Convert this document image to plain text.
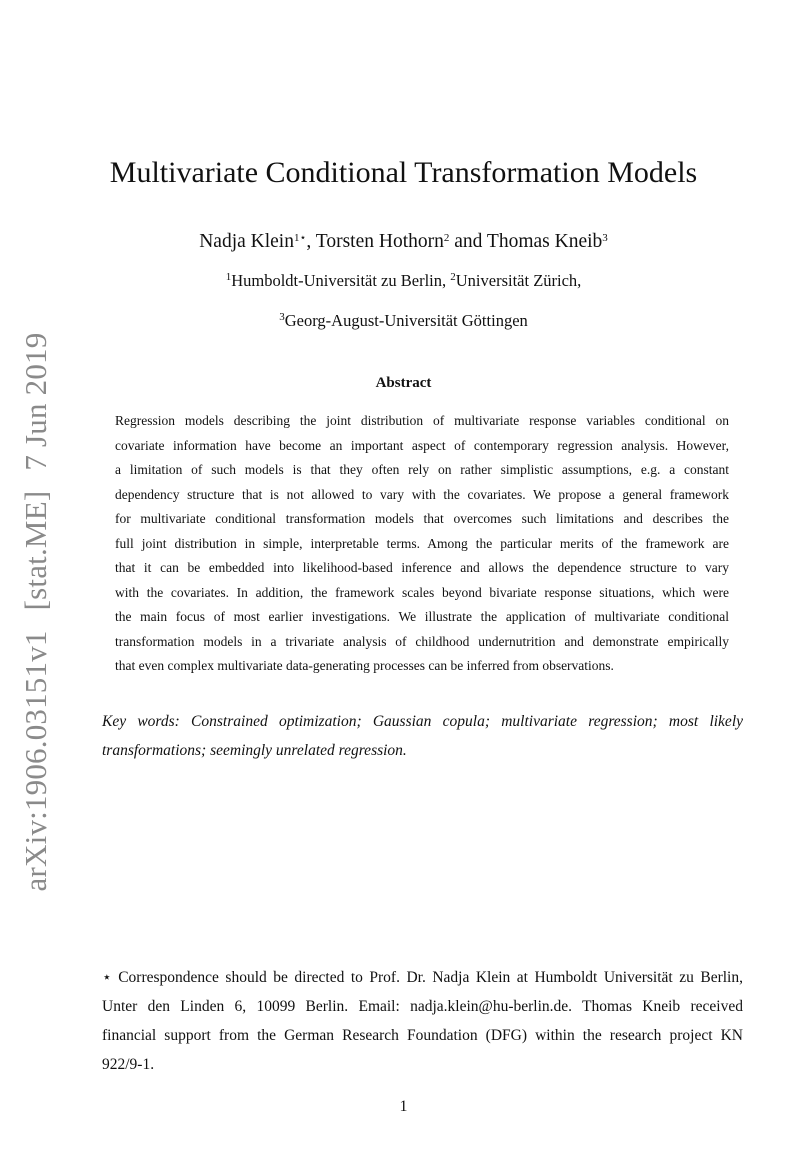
arXiv:1906.03151v1[stat.ME]7 Jun 2019
Multivariate Conditional Transformation Models
Nadja Klein$^{1⋆}$, Torsten Hothorn$^2$ and Thomas Kneib$^3$
$^1$Humboldt-Universität zu Berlin, $^2$Universität Zürich,
$^3$Georg-August-Universität Göttingen
Abstract
Regression models describing the joint distribution of multivariate response variables conditional on
covariate information have become an important aspect of contemporary regression analysis. However,
a limitation of such models is that they often rely on rather simplistic assumptions, e.g. a constant
dependency structure that is not allowed to vary with the covariates. We propose a general framework
for multivariate conditional transformation models that overcomes such limitations and describes the
full joint distribution in simple, interpretable terms. Among the particular merits of the framework are
that it can be embedded into likelihood-based inference and allows the dependence structure to vary
with the covariates. In addition, the framework scales beyond bivariate response situations, which were
the main focus of most earlier investigations. We illustrate the application of multivariate conditional
transformation models in a trivariate analysis of childhood undernutrition and demonstrate empirically
that even complex multivariate data-generating processes can be inferred from observations.
Key words: Constrained optimization; Gaussian copula; multivariate regression; most likely
transformations; seemingly unrelated regression.
⋆ Correspondence should be directed to Prof. Dr. Nadja Klein at Humboldt Universität zu Berlin,
Unter den Linden 6, 10099 Berlin. Email: nadja.klein@hu-berlin.de. Thomas Kneib received
financial support from the German Research Foundation (DFG) within the research project KN
922/9-1.
1
